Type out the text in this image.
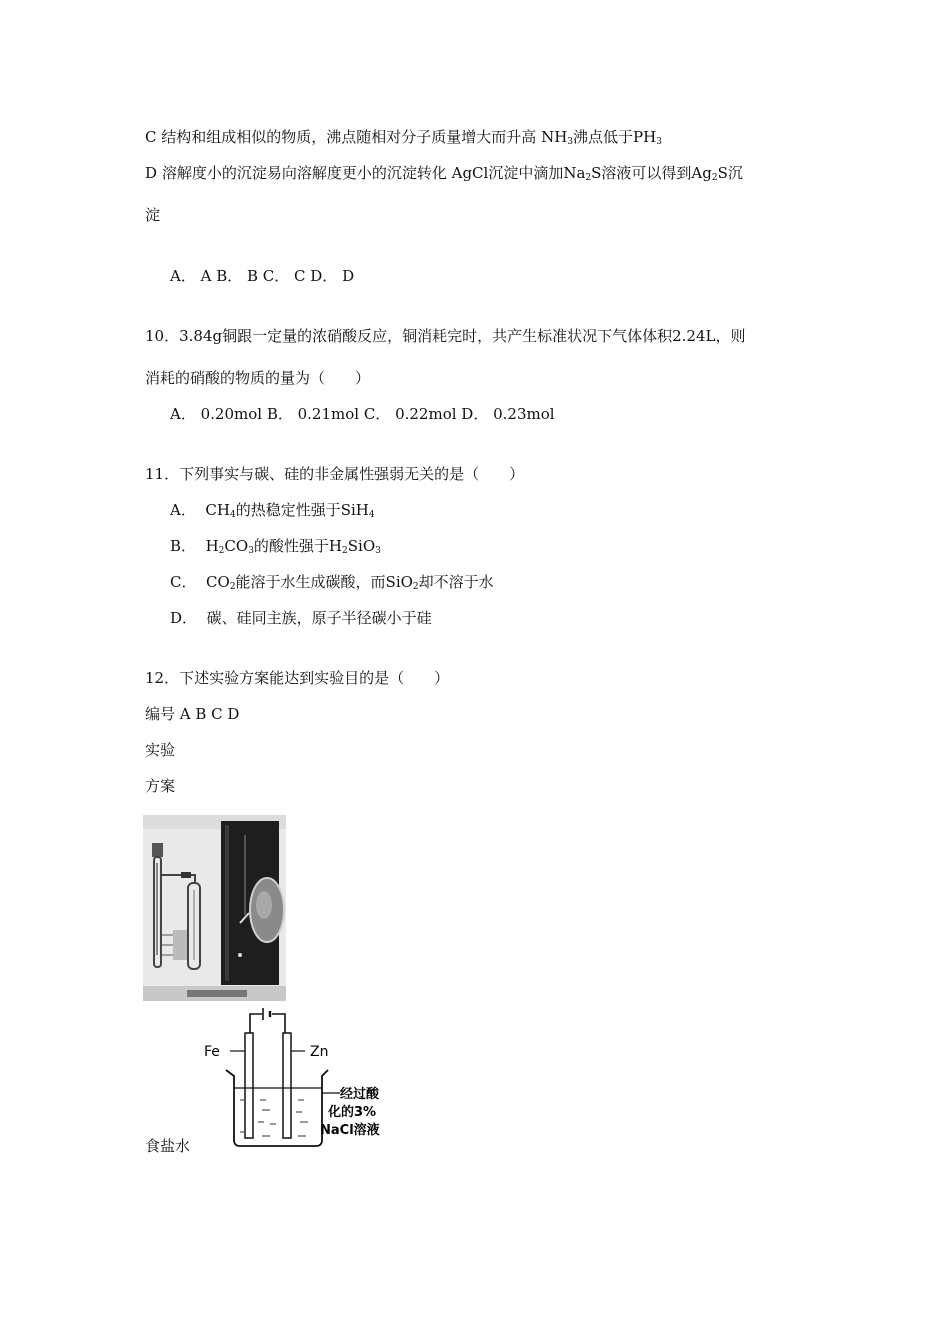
C 结构和组成相似的物质，沸点随相对分子质量增大而升高 $NH_3$沸点低于$PH_3$
D 溶解度小的沉淀易向溶解度更小的沉淀转化 AgCl沉淀中滴加$Na_2S$溶液可以得到$Ag_2S$沉
淀
A． A B． B C． C D． D
10．3.84g铜跟一定量的浓硝酸反应，铜消耗完时，共产生标准状况下气体体积2.24L，则
消耗的硝酸的物质的量为（　　）
A． 0.20mol B． 0.21mol C． 0.22mol D． 0.23mol
11．下列事实与碳、硅的非金属性强弱无关的是（　　）
A． $CH_4$的热稳定性强于SiH$_4$
B． $H_2CO_3$的酸性强于$H_2SiO_3$
C． $CO_2$能溶于水生成碳酸，而SiO$_2$却不溶于水
D． 碳、硅同主族，原子半径碳小于硅
12．下述实验方案能达到实验目的是（　　）
编号 A B C D
实验
方案
Fe	Zn
经过酸
化的3%
NaCl溶液
食盐水
